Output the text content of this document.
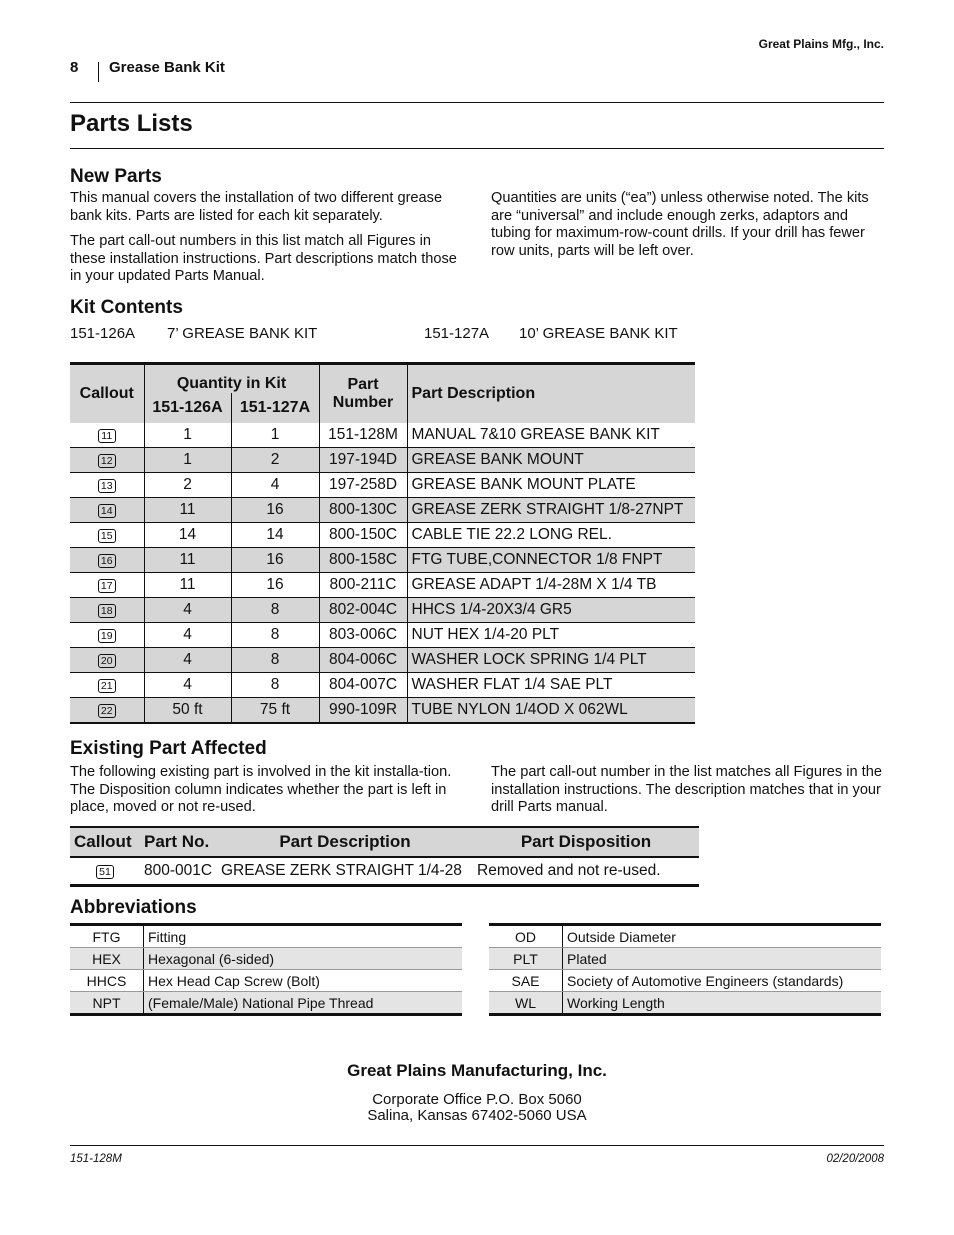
Great Plains Mfg., Inc.
8 Grease Bank Kit
Parts Lists
New Parts

This manual covers the installation of two different grease bank kits. Parts are listed for each kit separately.

The part call-out numbers in this list match all Figures in these installation instructions. Part descriptions match those in your updated Parts Manual.

Quantities are units (“ea”) unless otherwise noted. The kits are “universal” and include enough zerks, adaptors and tubing for maximum-row-count drills. If your drill has fewer row units, parts will be left over.

Kit Contents
151-126A 7’ GREASE BANK KIT	151-127A 10’ GREASE BANK KIT
Callout	Quantity in Kit		Part Number	Part Description
	151-126A	151-127A		
11	1	1	151-128M	MANUAL 7&10 GREASE BANK KIT
12	1	2	197-194D	GREASE BANK MOUNT
13	2	4	197-258D	GREASE BANK MOUNT PLATE
14	11	16	800-130C	GREASE ZERK STRAIGHT 1/8-27NPT
15	14	14	800-150C	CABLE TIE 22.2 LONG REL.
16	11	16	800-158C	FTG TUBE,CONNECTOR 1/8 FNPT
17	11	16	800-211C	GREASE ADAPT 1/4-28M X 1/4 TB
18	4	8	802-004C	HHCS 1/4-20X3/4 GR5
19	4	8	803-006C	NUT HEX 1/4-20 PLT
20	4	8	804-006C	WASHER LOCK SPRING 1/4 PLT
21	4	8	804-007C	WASHER FLAT 1/4 SAE PLT
22	50 ft	75 ft	990-109R	TUBE NYLON 1/4OD X 062WL
Existing Part Affected

The following existing part is involved in the kit installa-tion. The Disposition column indicates whether the part is left in place, moved or not re-used.

The part call-out number in the list matches all Figures in the installation instructions. The description matches that in your drill Parts manual.

Callout	Part No.	Part Description	Part Disposition
51	800-001C	GREASE ZERK STRAIGHT 1/4-28	Removed and not re-used.
Abbreviations
FTG	Fitting
HEX	Hexagonal (6-sided)
HHCS	Hex Head Cap Screw (Bolt)
NPT	(Female/Male) National Pipe Thread
OD	Outside Diameter
PLT	Plated
SAE	Society of Automotive Engineers (standards)
WL	Working Length
Great Plains Manufacturing, Inc.
Corporate Office P.O. Box 5060
Salina, Kansas 67402-5060 USA
151-128M	02/20/2008
